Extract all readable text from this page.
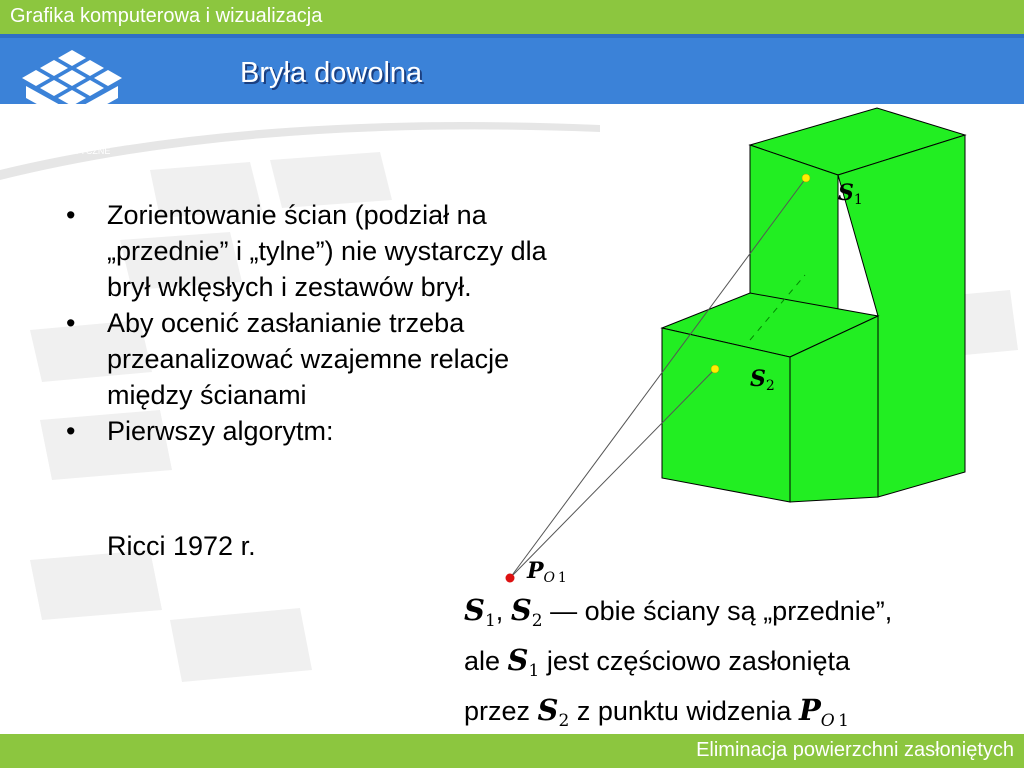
Grafika komputerowa i wizualizacja
E-STUDIA
INFORMATYCZNE
Bryła dowolna
• Zorientowanie ścian (podział na „przednie” i „tylne”) nie wystarczy dla brył wklęsłych i zestawów brył.
• Aby ocenić zasłanianie trzeba przeanalizować wzajemne relacje między ścianami
• Pierwszy algorytm:
Ricci 1972 r.
S1
S2
PO  1
$S_1$, $S_2$ — obie ściany są „przednie”,
ale $S_1$ jest częściowo zasłonięta
przez $S_2$ z punktu widzenia $P_O$  $_1$
Eliminacja powierzchni zasłoniętych
